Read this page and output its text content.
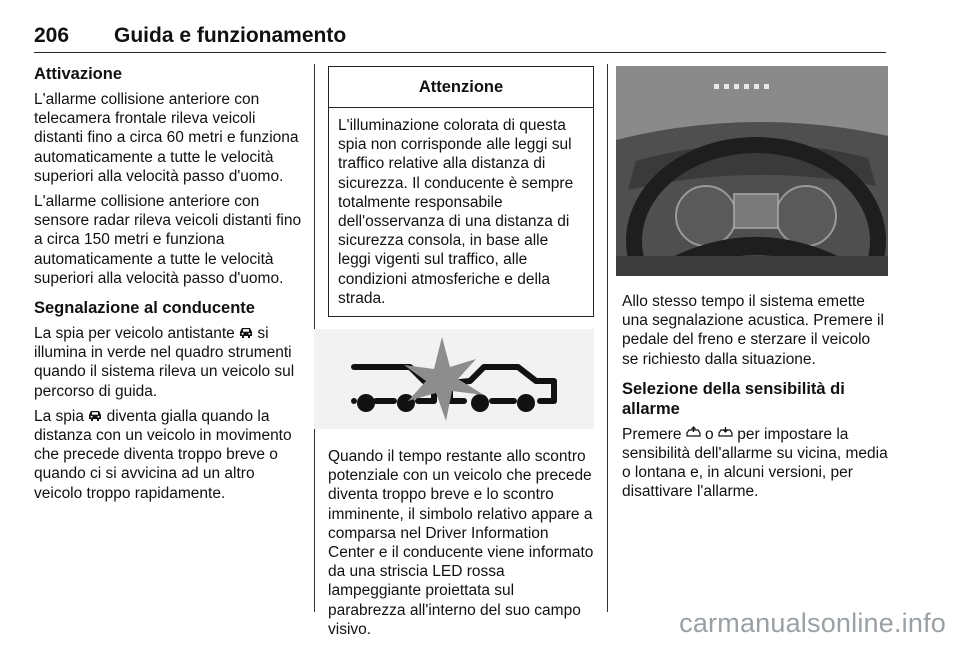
206 Guida e funzionamento
Attivazione

L'allarme collisione anteriore con telecamera frontale rileva veicoli distanti fino a circa 60 metri e funziona automaticamente a tutte le velocità superiori alla velocità passo d'uomo.

L'allarme collisione anteriore con sensore radar rileva veicoli distanti fino a circa 150 metri e funziona automaticamente a tutte le velocità superiori alla velocità passo d'uomo.

Segnalazione al conducente

La spia per veicolo antistante  si illumina in verde nel quadro strumenti quando il sistema rileva un veicolo sul percorso di guida.

La spia  diventa gialla quando la distanza con un veicolo in movimento che precede diventa troppo breve o quando ci si avvicina ad un altro veicolo troppo rapidamente.

Attenzione
L'illuminazione colorata di questa spia non corrisponde alle leggi sul traffico relative alla distanza di sicurezza. Il conducente è sempre totalmente responsabile dell'osservanza di una distanza di sicurezza consola, in base alle leggi vigenti sul traffico, alle condizioni atmosferiche e della strada.

Quando il tempo restante allo scontro potenziale con un veicolo che precede diventa troppo breve e lo scontro imminente, il simbolo relativo appare a comparsa nel Driver Information Center e il conducente viene informato da una striscia LED rossa lampeggiante proiettata sul parabrezza all'interno del suo campo visivo.

Allo stesso tempo il sistema emette una segnalazione acustica. Premere il pedale del freno e sterzare il veicolo se richiesto dalla situazione.

Selezione della sensibilità di allarme

Premere  o  per impostare la sensibilità dell'allarme su vicina, media o lontana e, in alcuni versioni, per disattivare l'allarme.

carmanualsonline.info
